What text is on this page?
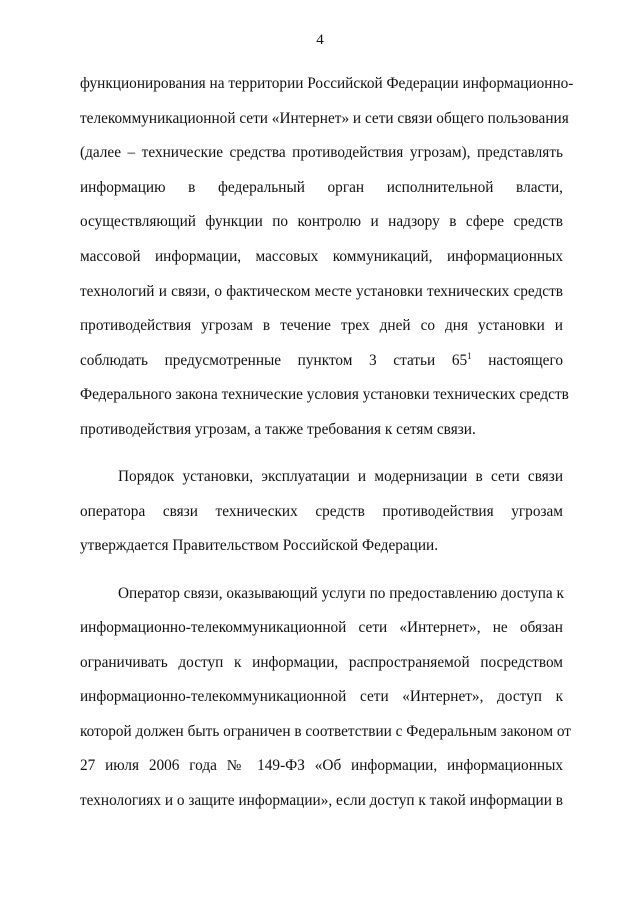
4
функционирования на территории Российской Федерации информационно-
телекоммуникационной сети «Интернет» и сети связи общего пользования
(далее – технические средства противодействия угрозам), представлять
информацию в федеральный орган исполнительной власти,
осуществляющий функции по контролю и надзору в сфере средств
массовой информации, массовых коммуникаций, информационных
технологий и связи, о фактическом месте установки технических средств
противодействия угрозам в течение трех дней со дня установки и
соблюдать предусмотренные пунктом 3 статьи $65^1$ настоящего
Федерального закона технические условия установки технических средств
противодействия угрозам, а также требования к сетям связи.
Порядок установки, эксплуатации и модернизации в сети связи
оператора связи технических средств противодействия угрозам
утверждается Правительством Российской Федерации.
Оператор связи, оказывающий услуги по предоставлению доступа к
информационно-телекоммуникационной сети «Интернет», не обязан
ограничивать доступ к информации, распространяемой посредством
информационно-телекоммуникационной сети «Интернет», доступ к
которой должен быть ограничен в соответствии с Федеральным законом от
27 июля 2006 года № 149-ФЗ «Об информации, информационных
технологиях и о защите информации», если доступ к такой информации в
